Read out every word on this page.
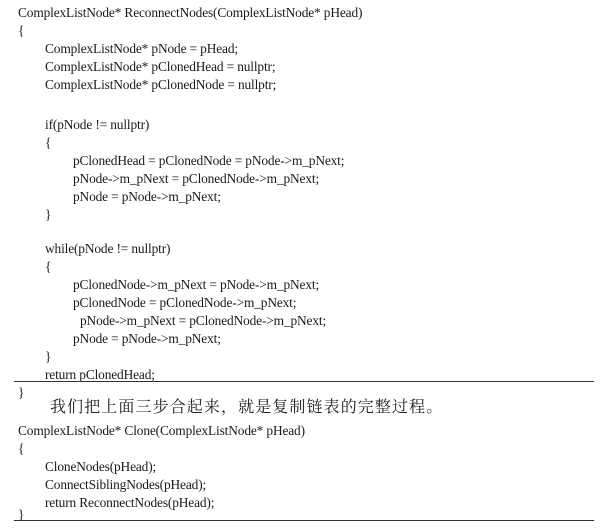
ComplexListNode* ReconnectNodes(ComplexListNode* pHead)
{
ComplexListNode* pNode = pHead;
ComplexListNode* pClonedHead = nullptr;
ComplexListNode* pClonedNode = nullptr;
if(pNode != nullptr)
{
pClonedHead = pClonedNode = pNode->m_pNext;
pNode->m_pNext = pClonedNode->m_pNext;
pNode = pNode->m_pNext;
}
while(pNode != nullptr)
{
pClonedNode->m_pNext = pNode->m_pNext;
pClonedNode = pClonedNode->m_pNext;
pNode->m_pNext = pClonedNode->m_pNext;
pNode = pNode->m_pNext;
}
return pClonedHead;
}
我们把上面三步合起来，就是复制链表的完整过程。
ComplexListNode* Clone(ComplexListNode* pHead)
{
CloneNodes(pHead);
ConnectSiblingNodes(pHead);
return ReconnectNodes(pHead);
}
